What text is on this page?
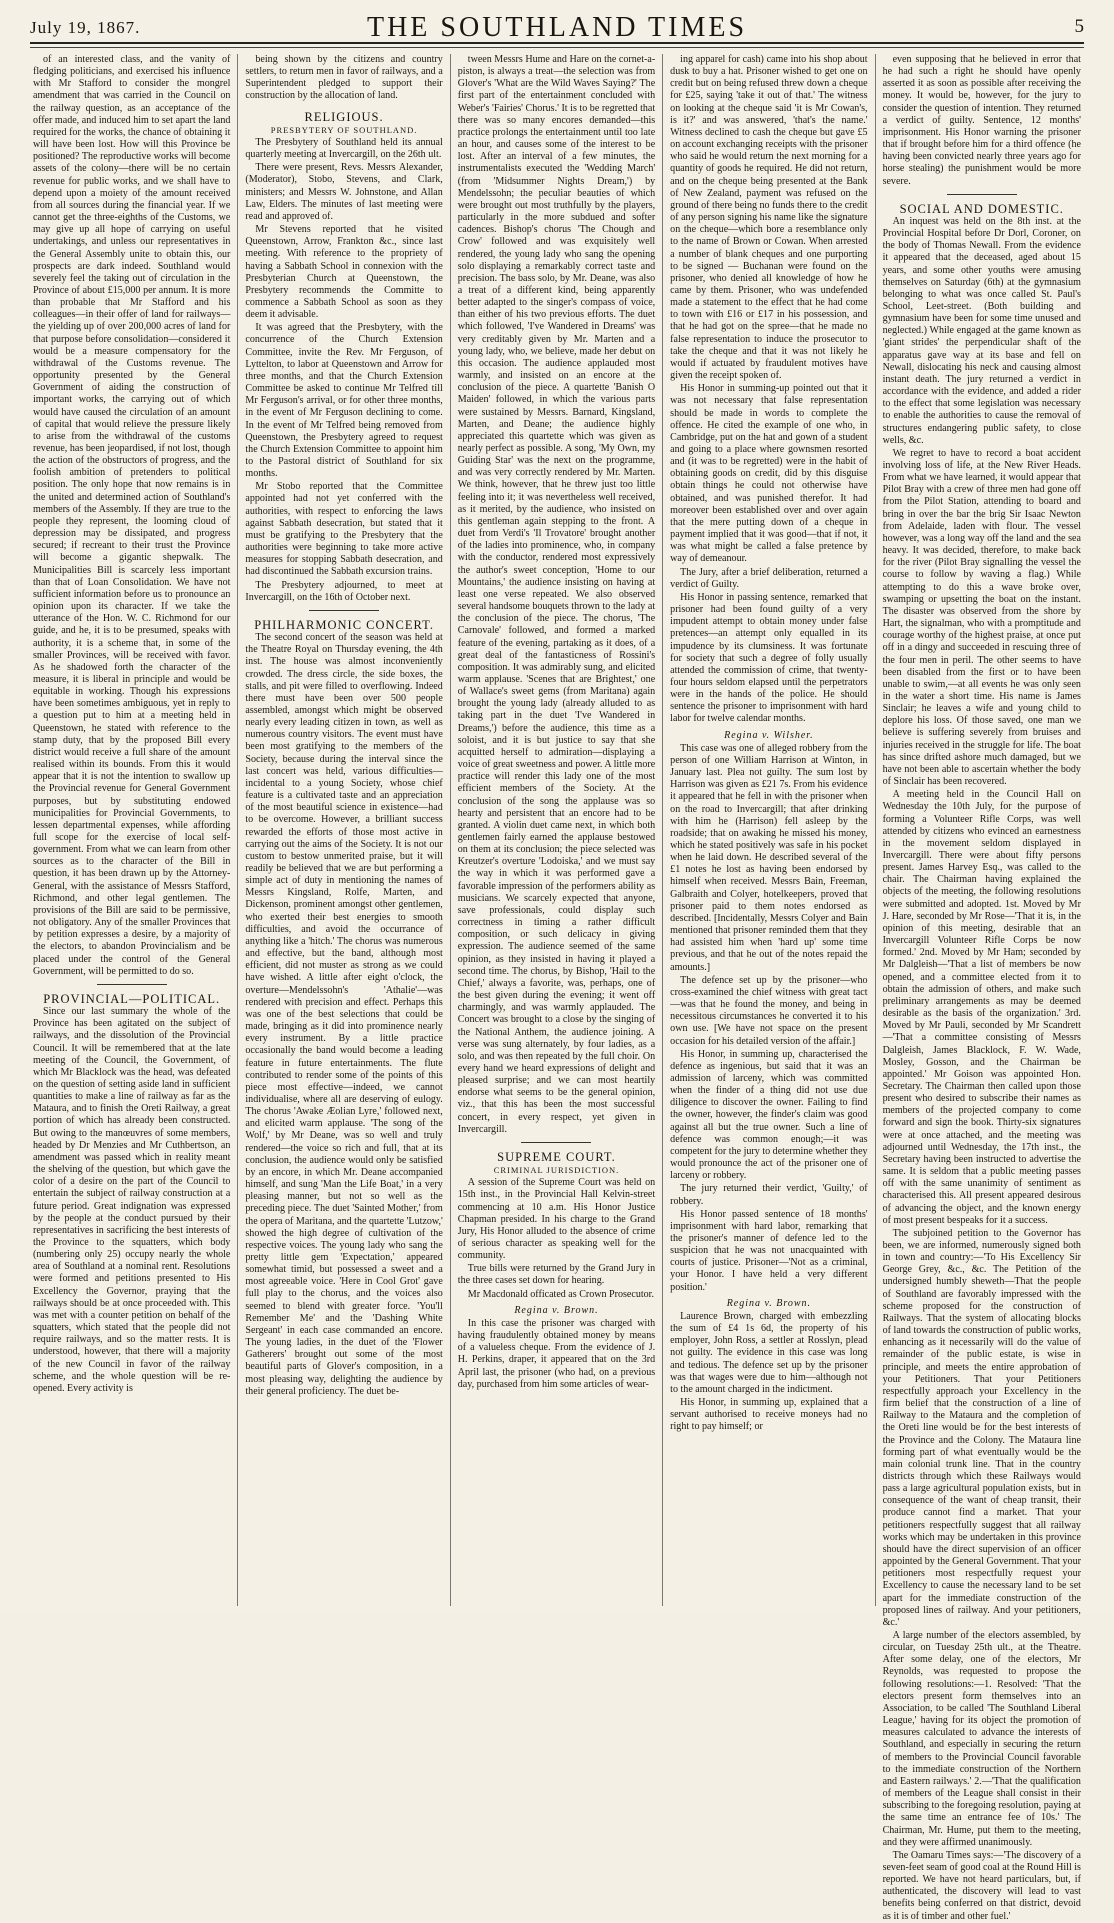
July 19, 1867.	THE SOUTHLAND TIMES	5

of an interested class, and the vanity of fledging politicians, and exercised his influence with Mr Stafford to consider the mongrel amendment that was carried in the Council on the railway question, as an acceptance of the offer made, and induced him to set apart the land required for the works, the chance of obtaining it will have been lost. How will this Province be positioned? The reproductive works will become assets of the colony—there will be no certain revenue for public works, and we shall have to depend upon a moiety of the amount received from all sources during the financial year. If we cannot get the three-eighths of the Customs, we may give up all hope of carrying on useful undertakings, and unless our representatives in the General Assembly unite to obtain this, our prospects are dark indeed. Southland would severely feel the taking out of circulation in the Province of about £15,000 per annum. It is more than probable that Mr Stafford and his colleagues—in their offer of land for railways—the yielding up of over 200,000 acres of land for that purpose before consolidation—considered it would be a measure compensatory for the withdrawal of the Customs revenue. The opportunity presented by the General Government of aiding the construction of important works, the carrying out of which would have caused the circulation of an amount of capital that would relieve the pressure likely to arise from the withdrawal of the customs revenue, has been jeopardised, if not lost, though the action of the obstructors of progress, and the foolish ambition of pretenders to political position. The only hope that now remains is in the united and determined action of Southland's members of the Assembly. If they are true to the people they represent, the looming cloud of depression may be dissipated, and progress secured; if recreant to their trust the Province will become a gigantic shepwalk. The Municipalities Bill is scarcely less important than that of Loan Consolidation. We have not sufficient information before us to pronounce an opinion upon its character. If we take the utterance of the Hon. W. C. Richmond for our guide, and he, it is to be presumed, speaks with authority, it is a scheme that, in some of the smaller Provinces, will be received with favor. As he shadowed forth the character of the measure, it is liberal in principle and would be equitable in working. Though his expressions have been sometimes ambiguous, yet in reply to a question put to him at a meeting held in Queenstown, he stated with reference to the stamp duty, that by the proposed Bill every district would receive a full share of the amount realised within its bounds. From this it would appear that it is not the intention to swallow up the Provincial revenue for General Government purposes, but by substituting endowed municipalities for Provincial Governments, to lessen departmental expenses, while affording full scope for the exercise of local self-government. From what we can learn from other sources as to the character of the Bill in question, it has been drawn up by the Attorney-General, with the assistance of Messrs Stafford, Richmond, and other legal gentlemen. The provisions of the Bill are said to be permissive, not obligatory. Any of the smaller Provinces that by petition expresses a desire, by a majority of the electors, to abandon Provincialism and be placed under the control of the General Government, will be permitted to do so.

PROVINCIAL—POLITICAL.

Since our last summary the whole of the Province has been agitated on the subject of railways, and the dissolution of the Provincial Council. It will be remembered that at the late meeting of the Council, the Government, of which Mr Blacklock was the head, was defeated on the question of setting aside land in sufficient quantities to make a line of railway as far as the Mataura, and to finish the Oreti Railway, a great portion of which has already been constructed. But owing to the manœuvres of some members, headed by Dr Menzies and Mr Cuthbertson, an amendment was passed which in reality meant the shelving of the question, but which gave the color of a desire on the part of the Council to entertain the subject of railway construction at a future period. Great indignation was expressed by the people at the conduct pursued by their representatives in sacrificing the best interests of the Province to the squatters, which body (numbering only 25) occupy nearly the whole area of Southland at a nominal rent. Resolutions were formed and petitions presented to His Excellency the Governor, praying that the railways should be at once proceeded with. This was met with a counter petition on behalf of the squatters, which stated that the people did not require railways, and so the matter rests. It is understood, however, that there will a majority of the new Council in favor of the railway scheme, and the whole question will be re-opened. Every activity is

being shown by the citizens and country settlers, to return men in favor of railways, and a Superintendent pledged to support their construction by the allocation of land.

RELIGIOUS.

PRESBYTERY OF SOUTHLAND.

The Presbytery of Southland held its annual quarterly meeting at Invercargill, on the 26th ult.

There were present, Revs. Messrs Alexander, (Moderator), Stobo, Stevens, and Clark, ministers; and Messrs W. Johnstone, and Allan Law, Elders. The minutes of last meeting were read and approved of.

Mr Stevens reported that he visited Queenstown, Arrow, Frankton &c., since last meeting. With reference to the propriety of having a Sabbath School in connexion with the Presbyterian Church at Queenstown, the Presbytery recommends the Committe to commence a Sabbath School as soon as they deem it advisable.

It was agreed that the Presbytery, with the concurrence of the Church Extension Committee, invite the Rev. Mr Ferguson, of Lyttelton, to labor at Queenstown and Arrow for three months, and that the Church Extension Committee be asked to continue Mr Telfred till Mr Ferguson's arrival, or for other three months, in the event of Mr Ferguson declining to come. In the event of Mr Telfred being removed from Queenstown, the Presbytery agreed to request the Church Extension Committee to appoint him to the Pastoral district of Southland for six months.

Mr Stobo reported that the Committee appointed had not yet conferred with the authorities, with respect to enforcing the laws against Sabbath desecration, but stated that it must be gratifying to the Presbytery that the authorities were beginning to take more active measures for stopping Sabbath desecration, and had discontinued the Sabbath excursion trains.

The Presbytery adjourned, to meet at Invercargill, on the 16th of October next.

PHILHARMONIC CONCERT.

The second concert of the season was held at the Theatre Royal on Thursday evening, the 4th inst. The house was almost inconveniently crowded. The dress circle, the side boxes, the stalls, and pit were filled to overflowing. Indeed there must have been over 500 people assembled, amongst which might be observed nearly every leading citizen in town, as well as numerous country visitors. The event must have been most gratifying to the members of the Society, because during the interval since the last concert was held, various difficulties—incidental to a young Society, whose chief feature is a cultivated taste and an appreciation of the most beautiful science in existence—had to be overcome. However, a brilliant success rewarded the efforts of those most active in carrying out the aims of the Society. It is not our custom to bestow unmerited praise, but it will readily be believed that we are but performing a simple act of duty in mentioning the names of Messrs Kingsland, Rolfe, Marten, and Dickenson, prominent amongst other gentlemen, who exerted their best energies to smooth difficulties, and avoid the occurrance of anything like a 'hitch.' The chorus was numerous and effective, but the band, although most efficient, did not muster as strong as we could have wished. A little after eight o'clock, the overture—Mendelssohn's 'Athalie'—was rendered with precision and effect. Perhaps this was one of the best selections that could be made, bringing as it did into prominence nearly every instrument. By a little practice occasionally the band would become a leading feature in future entertainments. The flute contributed to render some of the points of this piece most effective—indeed, we cannot individualise, where all are deserving of eulogy. The chorus 'Awake Æolian Lyre,' followed next, and elicited warm applause. 'The song of the Wolf,' by Mr Deane, was so well and truly rendered—the voice so rich and full, that at its conclusion, the audience would only be satisfied by an encore, in which Mr. Deane accompanied himself, and sung 'Man the Life Boat,' in a very pleasing manner, but not so well as the preceding piece. The duet 'Sainted Mother,' from the opera of Maritana, and the quartette 'Lutzow,' showed the high degree of cultivation of the respective voices. The young lady who sang the pretty little gem 'Expectation,' appeared somewhat timid, but possessed a sweet and a most agreeable voice. 'Here in Cool Grot' gave full play to the chorus, and the voices also seemed to blend with greater force. 'You'll Remember Me' and the 'Dashing White Sergeant' in each case commanded an encore. The young ladies, in the duet of the 'Flower Gatherers' brought out some of the most beautiful parts of Glover's composition, in a most pleasing way, delighting the audience by their general proficiency. The duet be-

tween Messrs Hume and Hare on the cornet-a-piston, is always a treat—the selection was from Glover's 'What are the Wild Waves Saying?' The first part of the entertainment concluded with Weber's 'Fairies' Chorus.' It is to be regretted that there was so many encores demanded—this practice prolongs the entertainment until too late an hour, and causes some of the interest to be lost. After an interval of a few minutes, the instrumentalists executed the 'Wedding March' (from 'Midsummer Nights Dream,') by Mendelssohn; the peculiar beauties of which were brought out most truthfully by the players, particularly in the more subdued and softer cadences. Bishop's chorus 'The Chough and Crow' followed and was exquisitely well rendered, the young lady who sang the opening solo displaying a remarkably correct taste and precision. The bass solo, by Mr. Deane, was also a treat of a different kind, being apparently better adapted to the singer's compass of voice, than either of his two previous efforts. The duet which followed, 'I've Wandered in Dreams' was very creditably given by Mr. Marten and a young lady, who, we believe, made her debut on this occasion. The audience applauded most warmly, and insisted on an encore at the conclusion of the piece. A quartette 'Banish O Maiden' followed, in which the various parts were sustained by Messrs. Barnard, Kingsland, Marten, and Deane; the audience highly appreciated this quartette which was given as nearly perfect as possible. A song, 'My Own, my Guiding Star' was the next on the programme, and was very correctly rendered by Mr. Marten. We think, however, that he threw just too little feeling into it; it was nevertheless well received, as it merited, by the audience, who insisted on this gentleman again stepping to the front. A duet from Verdi's 'Il Trovatore' brought another of the ladies into prominence, who, in company with the conductor, rendered most expressively the author's sweet conception, 'Home to our Mountains,' the audience insisting on having at least one verse repeated. We also observed several handsome bouquets thrown to the lady at the conclusion of the piece. The chorus, 'The Carnovale' followed, and formed a marked feature of the evening, partaking as it does, of a great deal of the fantasticness of Rossini's composition. It was admirably sung, and elicited warm applause. 'Scenes that are Brightest,' one of Wallace's sweet gems (from Maritana) again brought the young lady (already alluded to as taking part in the duet 'I've Wandered in Dreams,') before the audience, this time as a soloist, and it is but justice to say that she acquitted herself to admiration—displaying a voice of great sweetness and power. A little more practice will render this lady one of the most efficient members of the Society. At the conclusion of the song the applause was so hearty and persistent that an encore had to be granted. A violin duet came next, in which both gentlemen fairly earned the applause bestowed on them at its conclusion; the piece selected was Kreutzer's overture 'Lodoiska,' and we must say the way in which it was performed gave a favorable impression of the performers ability as musicians. We scarcely expected that anyone, save professionals, could display such correctness in timing a rather difficult composition, or such delicacy in giving expression. The audience seemed of the same opinion, as they insisted in having it played a second time. The chorus, by Bishop, 'Hail to the Chief,' always a favorite, was, perhaps, one of the best given during the evening; it went off charmingly, and was warmly applauded. The Concert was brought to a close by the singing of the National Anthem, the audience joining. A verse was sung alternately, by four ladies, as a solo, and was then repeated by the full choir. On every hand we heard expressions of delight and pleased surprise; and we can most heartily endorse what seems to be the general opinion, viz., that this has been the most successful concert, in every respect, yet given in Invercargill.

SUPREME COURT.

CRIMINAL JURISDICTION.

A session of the Supreme Court was held on 15th inst., in the Provincial Hall Kelvin-street commencing at 10 a.m. His Honor Justice Chapman presided. In his charge to the Grand Jury, His Honor alluded to the absence of crime of serious character as speaking well for the community.

True bills were returned by the Grand Jury in the three cases set down for hearing.

Mr Macdonald officated as Crown Prosecutor.

Regina v. Brown.

In this case the prisoner was charged with having fraudulently obtained money by means of a valueless cheque. From the evidence of J. H. Perkins, draper, it appeared that on the 3rd April last, the prisoner (who had, on a previous day, purchased from him some articles of wear-

ing apparel for cash) came into his shop about dusk to buy a hat. Prisoner wished to get one on credit but on being refused threw down a cheque for £25, saying 'take it out of that.' The witness on looking at the cheque said 'it is Mr Cowan's, is it?' and was answered, 'that's the name.' Witness declined to cash the cheque but gave £5 on account exchanging receipts with the prisoner who said he would return the next morning for a quantity of goods he required. He did not return, and on the cheque being presented at the Bank of New Zealand, payment was refused on the ground of there being no funds there to the credit of any person signing his name like the signature on the cheque—which bore a resemblance only to the name of Brown or Cowan. When arrested a number of blank cheques and one purporting to be signed — Buchanan were found on the prisoner, who denied all knowledge of how he came by them. Prisoner, who was undefended made a statement to the effect that he had come to town with £16 or £17 in his possession, and that he had got on the spree—that he made no false representation to induce the prosecutor to take the cheque and that it was not likely he would if actuated by fraudulent motives have given the receipt spoken of.

His Honor in summing-up pointed out that it was not necessary that false representation should be made in words to complete the offence. He cited the example of one who, in Cambridge, put on the hat and gown of a student and going to a place where gownsmen resorted and (it was to be regretted) were in the habit of obtaining goods on credit, did by this disguise obtain things he could not otherwise have obtained, and was punished therefor. It had moreover been established over and over again that the mere putting down of a cheque in payment implied that it was good—that if not, it was what might be called a false pretence by way of demeanour.

The Jury, after a brief deliberation, returned a verdict of Guilty.

His Honor in passing sentence, remarked that prisoner had been found guilty of a very impudent attempt to obtain money under false pretences—an attempt only equalled in its impudence by its clumsiness. It was fortunate for society that such a degree of folly usually attended the commission of crime, that twenty-four hours seldom elapsed until the perpetrators were in the hands of the police. He should sentence the prisoner to imprisonment with hard labor for twelve calendar months.

Regina v. Wilsher.

This case was one of alleged robbery from the person of one William Harrison at Winton, in January last. Plea not guilty. The sum lost by Harrison was given as £21 7s. From his evidence it appeared that he fell in with the prisoner when on the road to Invercargill; that after drinking with him he (Harrison) fell asleep by the roadside; that on awaking he missed his money, which he stated positively was safe in his pocket when he laid down. He described several of the £1 notes he lost as having been endorsed by himself when received. Messrs Bain, Freeman, Galbraith and Colyer, hotelkeepers, proved that prisoner paid to them notes endorsed as described. [Incidentally, Messrs Colyer and Bain mentioned that prisoner reminded them that they had assisted him when 'hard up' some time previous, and that he out of the notes repaid the amounts.]

The defence set up by the prisoner—who cross-examined the chief witness with great tact—was that he found the money, and being in necessitous circumstances he converted it to his own use. [We have not space on the present occasion for his detailed version of the affair.]

His Honor, in summing up, characterised the defence as ingenious, but said that it was an admission of larceny, which was committed when the finder of a thing did not use due diligence to discover the owner. Failing to find the owner, however, the finder's claim was good against all but the true owner. Such a line of defence was common enough;—it was competent for the jury to determine whether they would pronounce the act of the prisoner one of larceny or robbery.

The jury returned their verdict, 'Guilty,' of robbery.

His Honor passed sentence of 18 months' imprisonment with hard labor, remarking that the prisoner's manner of defence led to the suspicion that he was not unacquainted with courts of justice. Prisoner—'Not as a criminal, your Honor. I have held a very different position.'

Regina v. Brown.

Laurence Brown, charged with embezzling the sum of £4 1s 6d, the property of his employer, John Ross, a settler at Rosslyn, plead not guilty. The evidence in this case was long and tedious. The defence set up by the prisoner was that wages were due to him—although not to the amount charged in the indictment.

His Honor, in summing up, explained that a servant authorised to receive moneys had no right to pay himself; or

even supposing that he believed in error that he had such a right he should have openly asserted it as soon as possible after receiving the money. It would be, however, for the jury to consider the question of intention. They returned a verdict of guilty. Sentence, 12 months' imprisonment. His Honor warning the prisoner that if brought before him for a third offence (he having been convicted nearly three years ago for horse stealing) the punishment would be more severe.

SOCIAL AND DOMESTIC.

An inquest was held on the 8th inst. at the Provincial Hospital before Dr Dorl, Coroner, on the body of Thomas Newall. From the evidence it appeared that the deceased, aged about 15 years, and some other youths were amusing themselves on Saturday (6th) at the gymnasium belonging to what was once called St. Paul's School, Leet-street. (Both building and gymnasium have been for some time unused and neglected.) While engaged at the game known as 'giant strides' the perpendicular shaft of the apparatus gave way at its base and fell on Newall, dislocating his neck and causing almost instant death. The jury returned a verdict in accordance with the evidence, and added a rider to the effect that some legislation was necessary to enable the authorities to cause the removal of structures endangering public safety, to close wells, &c.

We regret to have to record a boat accident involving loss of life, at the New River Heads. From what we have learned, it would appear that Pilot Bray with a crew of three men had gone off from the Pilot Station, attending to board and bring in over the bar the brig Sir Isaac Newton from Adelaide, laden with flour. The vessel however, was a long way off the land and the sea heavy. It was decided, therefore, to make back for the river (Pilot Bray signalling the vessel the course to follow by waving a flag.) While attempting to do this a wave broke over, swamping or upsetting the boat on the instant. The disaster was observed from the shore by Hart, the signalman, who with a promptitude and courage worthy of the highest praise, at once put off in a dingy and succeeded in rescuing three of the four men in peril. The other seems to have been disabled from the first or to have been unable to swim,—at all events he was only seen in the water a short time. His name is James Sinclair; he leaves a wife and young child to deplore his loss. Of those saved, one man we believe is suffering severely from bruises and injuries received in the struggle for life. The boat has since drifted ashore much damaged, but we have not been able to ascertain whether the body of Sinclair has been recovered.

A meeting held in the Council Hall on Wednesday the 10th July, for the purpose of forming a Volunteer Rifle Corps, was well attended by citizens who evinced an earnestness in the movement seldom displayed in Invercargill. There were about fifty persons present. James Harvey Esq., was called to the chair. The Chairman having explained the objects of the meeting, the following resolutions were submitted and adopted. 1st. Moved by Mr J. Hare, seconded by Mr Rose—'That it is, in the opinion of this meeting, desirable that an Invercargill Volunteer Rifle Corps be now formed.' 2nd. Moved by Mr Ham; seconded by Mr Dalgleish—'That a list of members be now opened, and a committee elected from it to obtain the admission of others, and make such preliminary arrangements as may be deemed desirable as the basis of the organization.' 3rd. Moved by Mr Pauli, seconded by Mr Scandrett—'That a committee consisting of Messrs Dalgleish, James Blacklock, F. W. Wade, Mosley, Gosson, and the Chairman be appointed.' Mr Goison was appointed Hon. Secretary. The Chairman then called upon those present who desired to subscribe their names as members of the projected company to come forward and sign the book. Thirty-six signatures were at once attached, and the meeting was adjourned until Wednesday, the 17th inst., the Secretary having been instructed to advertise the same. It is seldom that a public meeting passes off with the same unanimity of sentiment as characterised this. All present appeared desirous of advancing the object, and the known energy of most present bespeaks for it a success.

The subjoined petition to the Governor has been, we are informed, numerously signed both in town and country:—'To His Excellency Sir George Grey, &c., &c. The Petition of the undersigned humbly sheweth—That the people of Southland are favorably impressed with the scheme proposed for the construction of Railways. That the system of allocating blocks of land towards the construction of public works, enhancing as it necessarily will do the value of remainder of the public estate, is wise in principle, and meets the entire approbation of your Petitioners. That your Petitioners respectfully approach your Excellency in the firm belief that the construction of a line of Railway to the Mataura and the completion of the Oreti line would be for the best interests of the Province and the Colony. The Mataura line forming part of what eventually would be the main colonial trunk line. That in the country districts through which these Railways would pass a large agricultural population exists, but in consequence of the want of cheap transit, their produce cannot find a market. That your petitioners respectfully suggest that all railway works which may be undertaken in this province should have the direct supervision of an officer appointed by the General Government. That your petitioners most respectfully request your Excellency to cause the necessary land to be set apart for the immediate construction of the proposed lines of railway. And your petitioners, &c.'

A large number of the electors assembled, by circular, on Tuesday 25th ult., at the Theatre. After some delay, one of the electors, Mr Reynolds, was requested to propose the following resolutions:—1. Resolved: 'That the electors present form themselves into an Association, to be called 'The Southland Liberal League,' having for its object the promotion of measures calculated to advance the interests of Southland, and especially in securing the return of members to the Provincial Council favorable to the immediate construction of the Northern and Eastern railways.' 2.—'That the qualification of members of the League shall consist in their subscribing to the foregoing resolution, paying at the same time an entrance fee of 10s.' The Chairman, Mr. Hume, put them to the meeting, and they were affirmed unanimously.

The Oamaru Times says:—'The discovery of a seven-feet seam of good coal at the Round Hill is reported. We have not heard particulars, but, if authenticated, the discovery will lead to vast benefits being conferred on that district, devoid as it is of timber and other fuel.'
